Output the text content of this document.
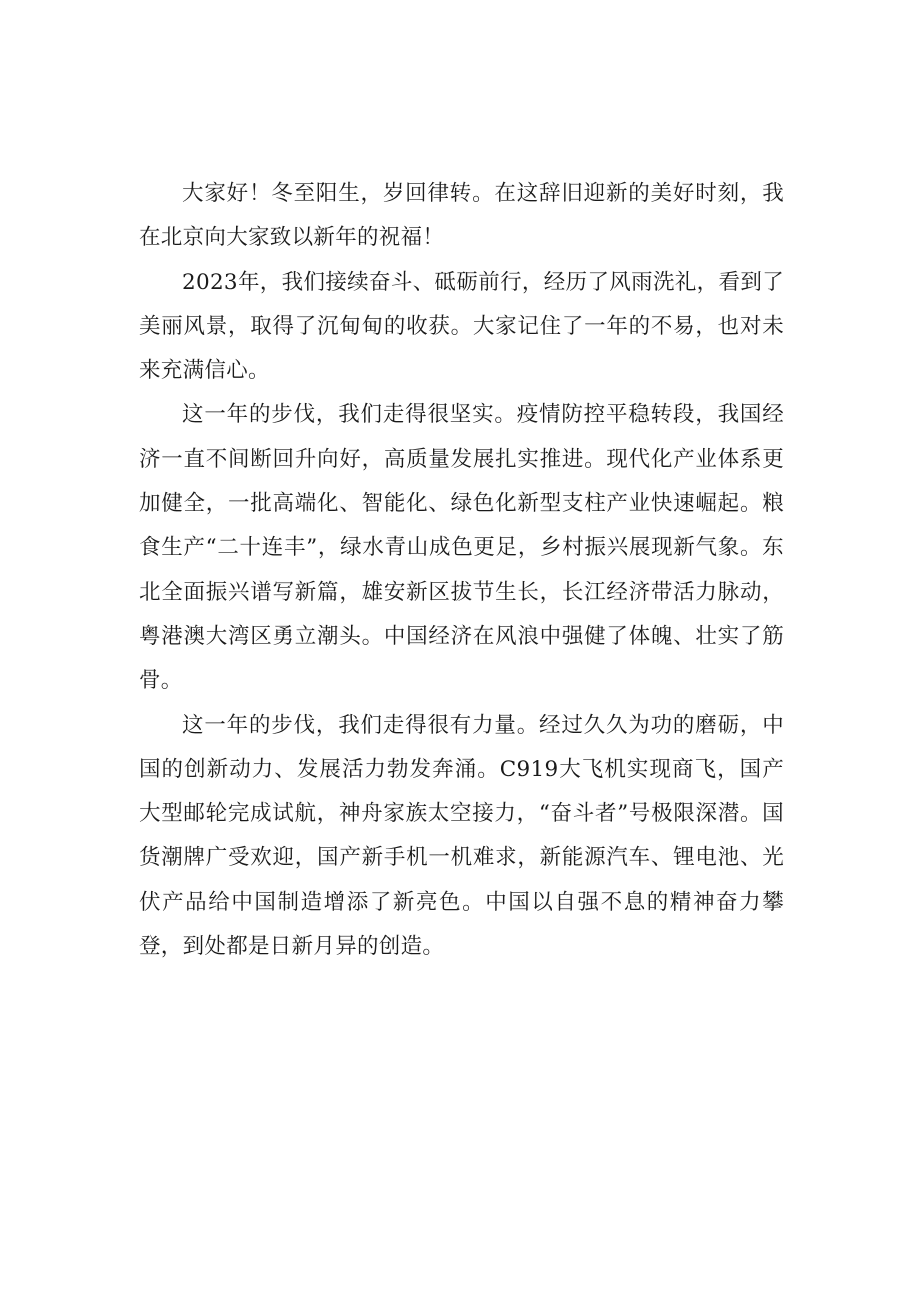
大家好！冬至阳生，岁回律转。在这辞旧迎新的美好时刻，我在北京向大家致以新年的祝福！

2023年，我们接续奋斗、砥砺前行，经历了风雨洗礼，看到了美丽风景，取得了沉甸甸的收获。大家记住了一年的不易，也对未来充满信心。

这一年的步伐，我们走得很坚实。疫情防控平稳转段，我国经济一直不间断回升向好，高质量发展扎实推进。现代化产业体系更加健全，一批高端化、智能化、绿色化新型支柱产业快速崛起。粮食生产“二十连丰”，绿水青山成色更足，乡村振兴展现新气象。东北全面振兴谱写新篇，雄安新区拔节生长，长江经济带活力脉动，粤港澳大湾区勇立潮头。中国经济在风浪中强健了体魄、壮实了筋骨。

这一年的步伐，我们走得很有力量。经过久久为功的磨砺，中国的创新动力、发展活力勃发奔涌。C919大飞机实现商飞，国产大型邮轮完成试航，神舟家族太空接力，“奋斗者”号极限深潜。国货潮牌广受欢迎，国产新手机一机难求，新能源汽车、锂电池、光伏产品给中国制造增添了新亮色。中国以自强不息的精神奋力攀登，到处都是日新月异的创造。
